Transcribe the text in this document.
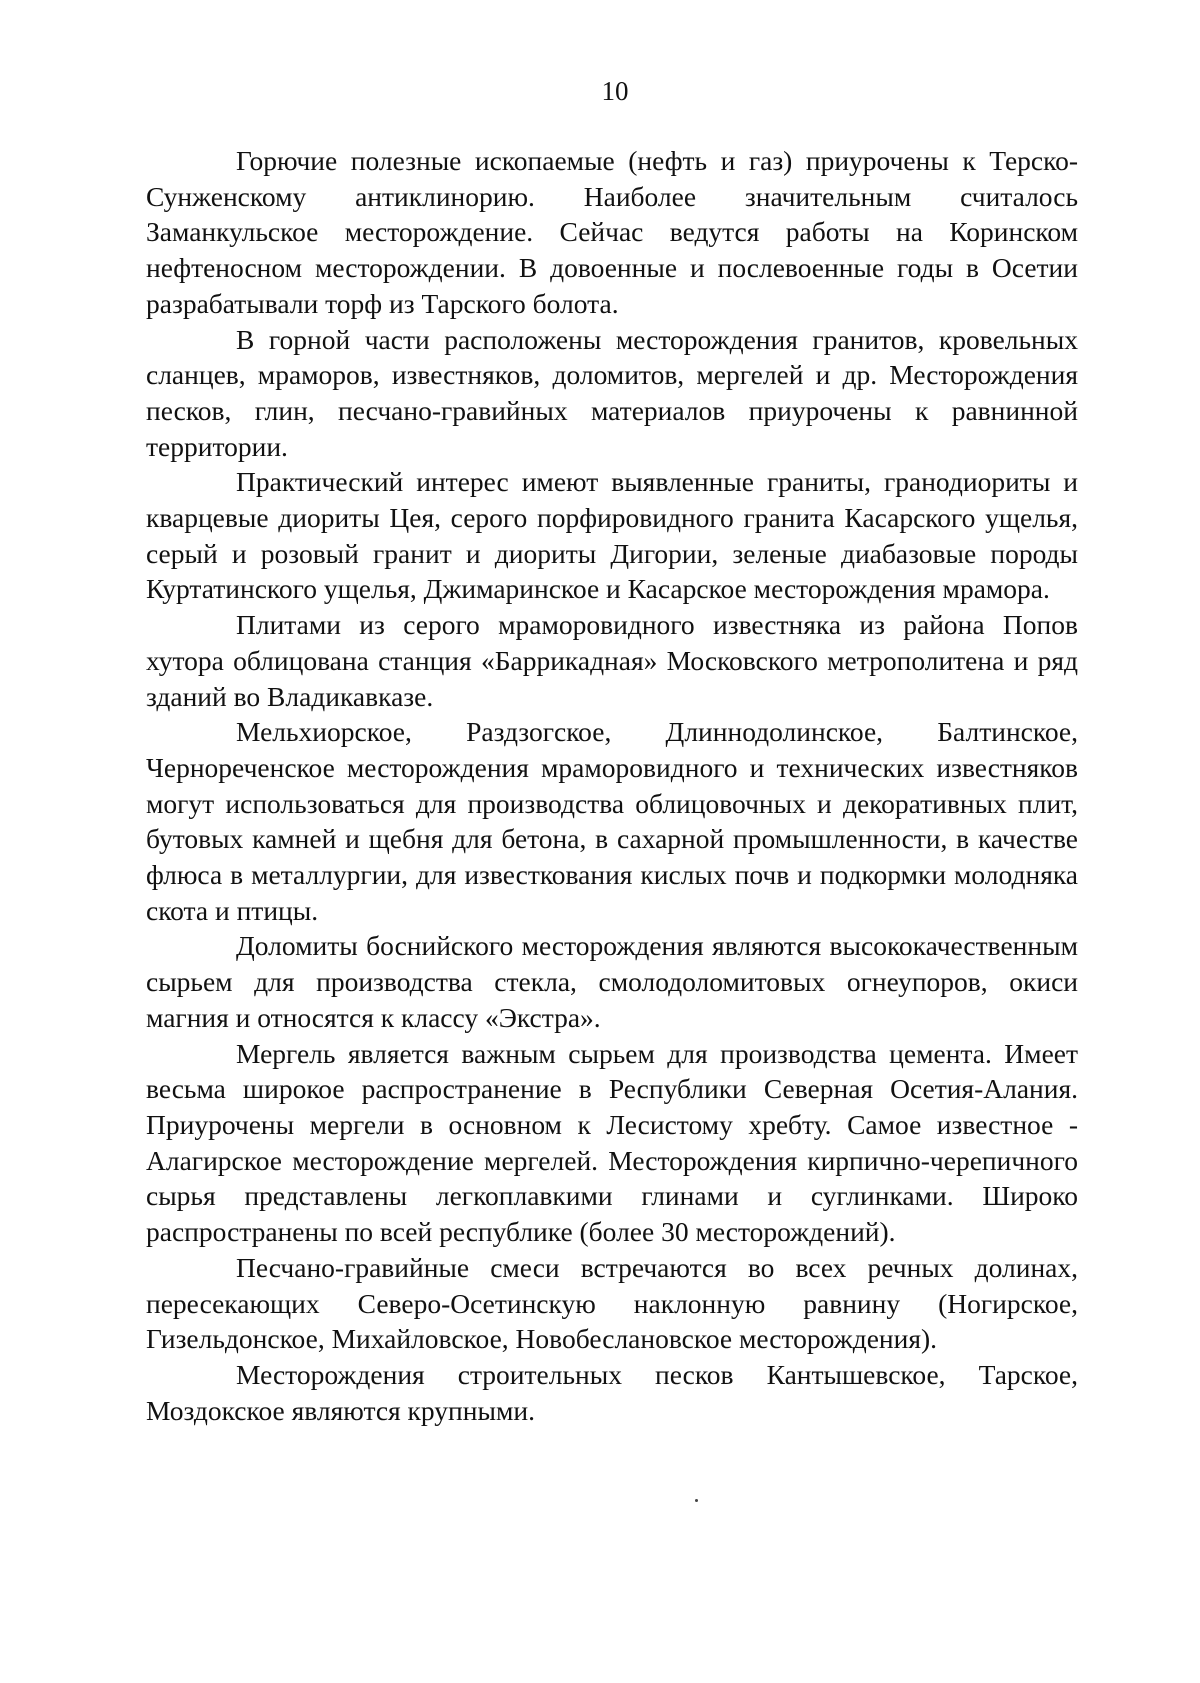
10

Горючие полезные ископаемые (нефть и газ) приурочены к Терско-Сунженскому антиклинорию. Наиболее значительным считалось Заманкульское месторождение. Сейчас ведутся работы на Коринском нефтеносном месторождении. В довоенные и послевоенные годы в Осетии разрабатывали торф из Тарского болота.

В горной части расположены месторождения гранитов, кровельных сланцев, мраморов, известняков, доломитов, мергелей и др. Месторождения песков, глин, песчано-гравийных материалов приурочены к равнинной территории.

Практический интерес имеют выявленные граниты, гранодиориты и кварцевые диориты Цея, серого порфировидного гранита Касарского ущелья, серый и розовый гранит и диориты Дигории, зеленые диабазовые породы Куртатинского ущелья, Джимаринское и Касарское месторождения мрамора.

Плитами из серого мраморовидного известняка из района Попов хутора облицована станция «Баррикадная» Московского метрополитена и ряд зданий во Владикавказе.

Мельхиорское, Раздзогское, Длиннодолинское, Балтинское, Чернореченское месторождения мраморовидного и технических известняков могут использоваться для производства облицовочных и декоративных плит, бутовых камней и щебня для бетона, в сахарной промышленности, в качестве флюса в металлургии, для известкования кислых почв и подкормки молодняка скота и птицы.

Доломиты боснийского месторождения являются высококачественным сырьем для производства стекла, смолодоломитовых огнеупоров, окиси магния и относятся к классу «Экстра».

Мергель является важным сырьем для производства цемента. Имеет весьма широкое распространение в Республики Северная Осетия-Алания. Приурочены мергели в основном к Лесистому хребту. Самое известное - Алагирское месторождение мергелей. Месторождения кирпично-черепичного сырья представлены легкоплавкими глинами и суглинками. Широко распространены по всей республике (более 30 месторождений).

Песчано-гравийные смеси встречаются во всех речных долинах, пересекающих Северо-Осетинскую наклонную равнину (Ногирское, Гизельдонское, Михайловское, Новобеслановское месторождения).

Месторождения строительных песков Кантышевское, Тарское, Моздокское являются крупными.
